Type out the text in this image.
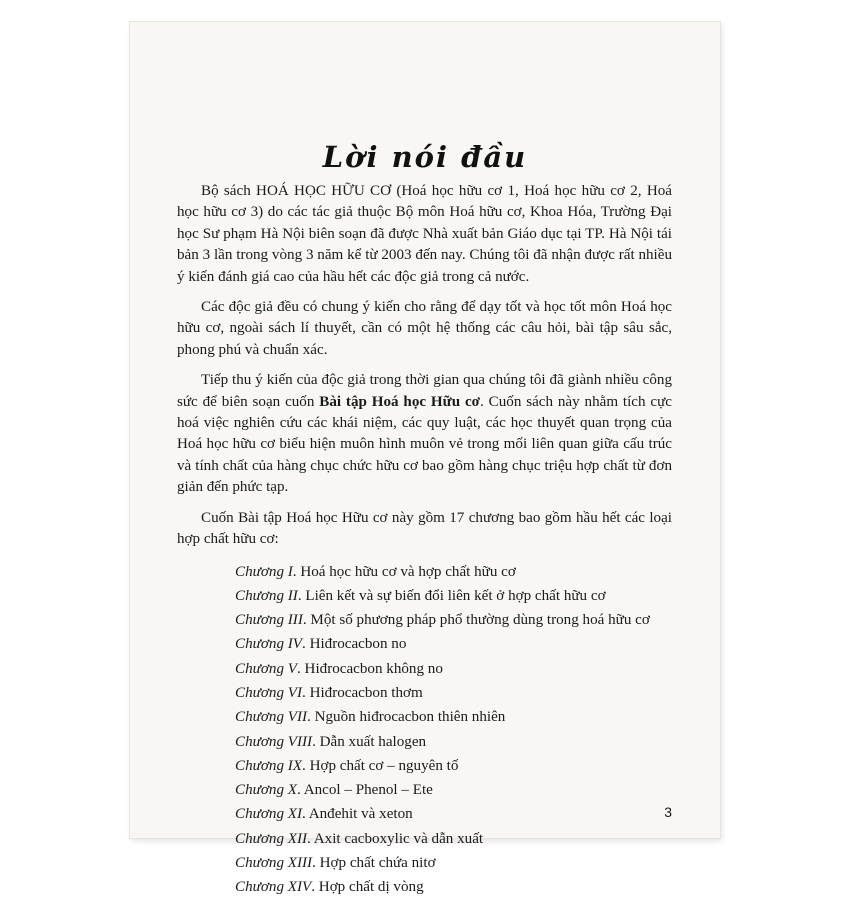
Lời nói đầu

Bộ sách HOÁ HỌC HỮU CƠ (Hoá học hữu cơ 1, Hoá học hữu cơ 2, Hoá học hữu cơ 3) do các tác giả thuộc Bộ môn Hoá hữu cơ, Khoa Hóa, Trường Đại học Sư phạm Hà Nội biên soạn đã được Nhà xuất bản Giáo dục tại TP. Hà Nội tái bản 3 lần trong vòng 3 năm kể từ 2003 đến nay. Chúng tôi đã nhận được rất nhiều ý kiến đánh giá cao của hầu hết các độc giả trong cả nước.

Các độc giả đều có chung ý kiến cho rằng để dạy tốt và học tốt môn Hoá học hữu cơ, ngoài sách lí thuyết, cần có một hệ thống các câu hỏi, bài tập sâu sắc, phong phú và chuẩn xác.

Tiếp thu ý kiến của độc giả trong thời gian qua chúng tôi đã giành nhiều công sức để biên soạn cuốn Bài tập Hoá học Hữu cơ. Cuốn sách này nhằm tích cực hoá việc nghiên cứu các khái niệm, các quy luật, các học thuyết quan trọng của Hoá học hữu cơ biểu hiện muôn hình muôn vẻ trong mối liên quan giữa cấu trúc và tính chất của hàng chục chức hữu cơ bao gồm hàng chục triệu hợp chất từ đơn giản đến phức tạp.

Cuốn Bài tập Hoá học Hữu cơ này gồm 17 chương bao gồm hầu hết các loại hợp chất hữu cơ:

Chương I. Hoá học hữu cơ và hợp chất hữu cơ
Chương II. Liên kết và sự biến đổi liên kết ở hợp chất hữu cơ
Chương III. Một số phương pháp phổ thường dùng trong hoá hữu cơ
Chương IV. Hiđrocacbon no
Chương V. Hiđrocacbon không no
Chương VI. Hiđrocacbon thơm
Chương VII. Nguồn hiđrocacbon thiên nhiên
Chương VIII. Dẫn xuất halogen
Chương IX. Hợp chất cơ – nguyên tố
Chương X. Ancol – Phenol – Ete
Chương XI. Anđehit và xeton
Chương XII. Axit cacboxylic và dẫn xuất
Chương XIII. Hợp chất chứa nitơ
Chương XIV. Hợp chất dị vòng
3
